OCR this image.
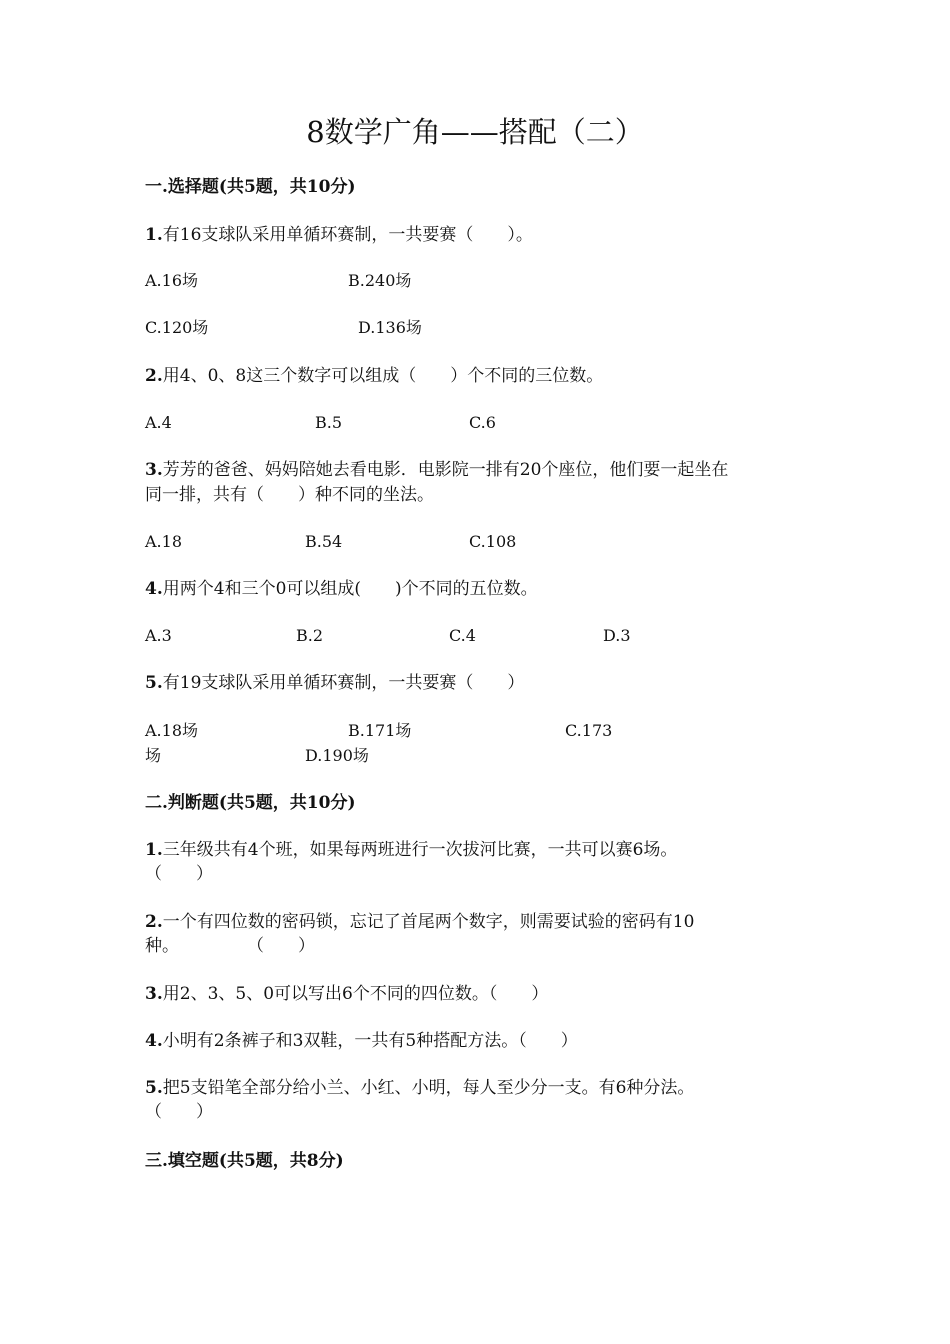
8数学广角——搭配（二）
一.选择题(共5题，共10分)
1.有16支球队采用单循环赛制，一共要赛（　　）。
A.16场	B.240场
C.120场	D.136场
2.用4、0、8这三个数字可以组成（　　）个不同的三位数。
A.4	B.5	C.6
3.芳芳的爸爸、妈妈陪她去看电影．电影院一排有20个座位，他们要一起坐在
同一排，共有（　　）种不同的坐法。
A.18	B.54	C.108
4.用两个4和三个0可以组成(　　)个不同的五位数。
A.3	B.2	C.4	D.3
5.有19支球队采用单循环赛制，一共要赛（　　）
A.18场	B.171场	C.173
场	D.190场
二.判断题(共5题，共10分)
1.三年级共有4个班，如果每两班进行一次拔河比赛，一共可以赛6场。
（　　）
2.一个有四位数的密码锁，忘记了首尾两个数字，则需要试验的密码有10
种。　　　　　（　　）
3.用2、3、5、0可以写出6个不同的四位数。（　　）
4.小明有2条裤子和3双鞋，一共有5种搭配方法。（　　）
5.把5支铅笔全部分给小兰、小红、小明，每人至少分一支。有6种分法。
（　　）
三.填空题(共5题，共8分)
